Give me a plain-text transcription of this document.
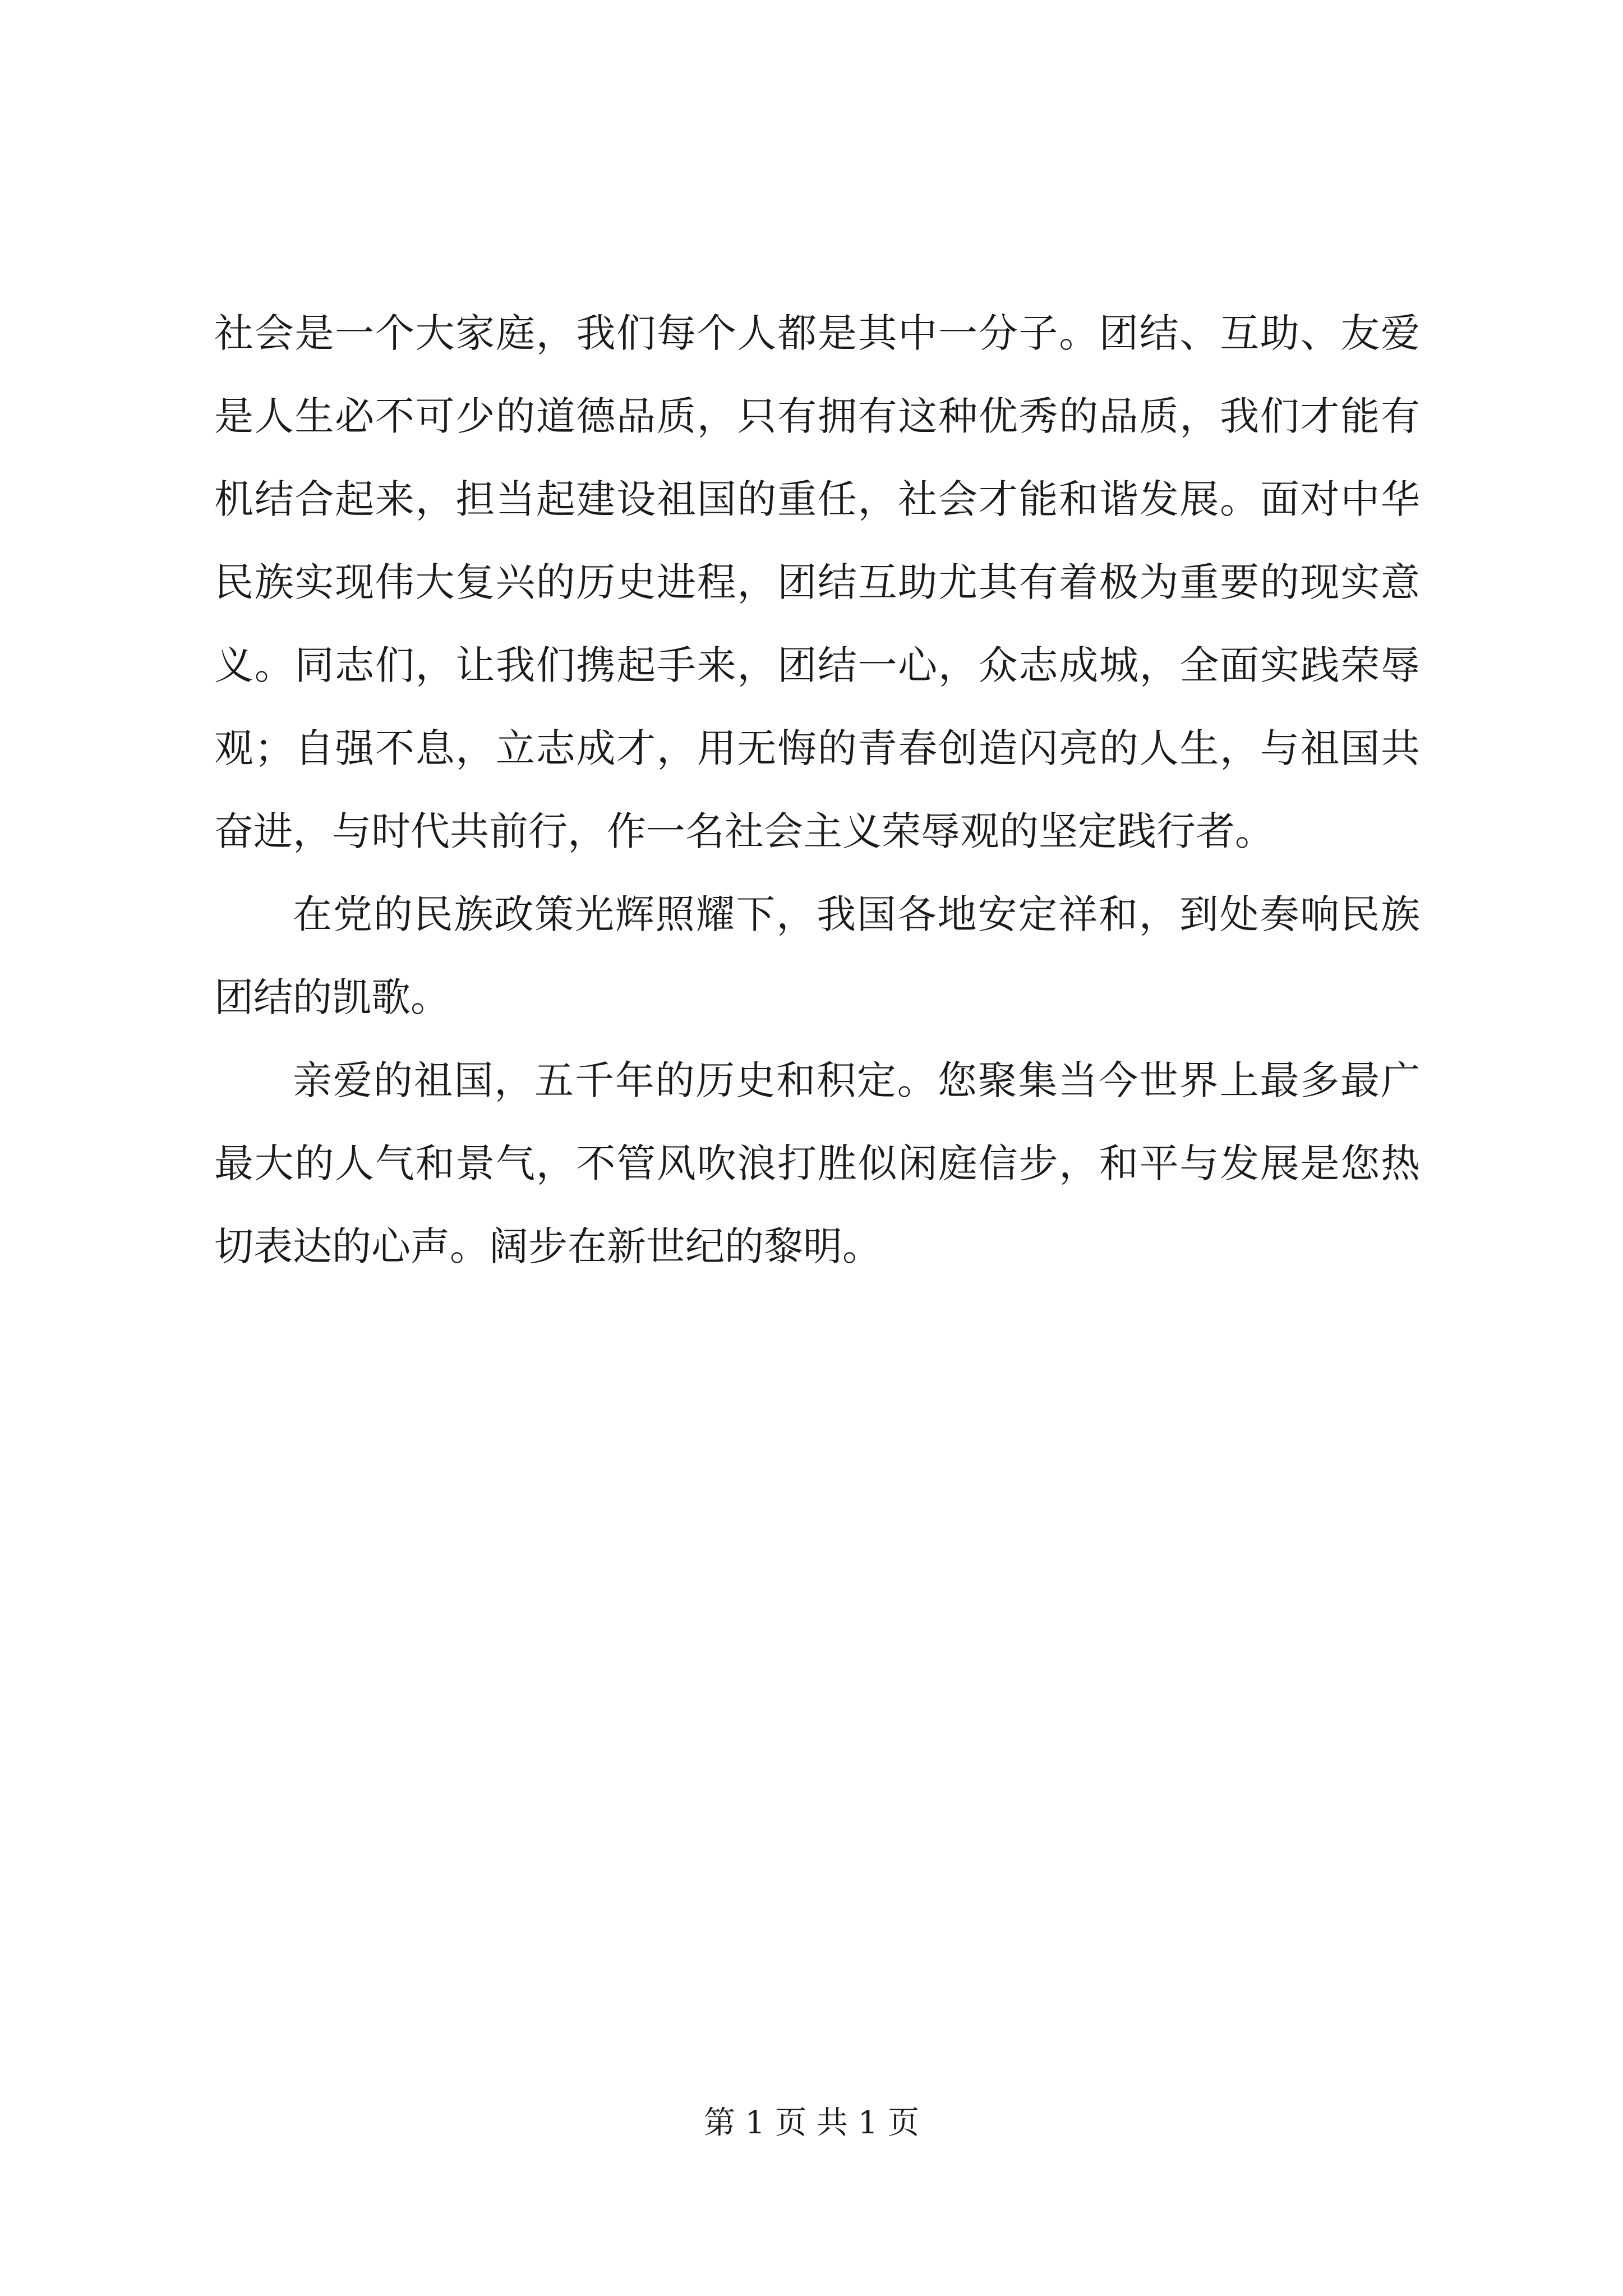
社会是一个大家庭，我们每个人都是其中一分子。团结、互助、友爱是人生必不可少的道德品质，只有拥有这种优秀的品质，我们才能有机结合起来，担当起建设祖国的重任，社会才能和谐发展。面对中华民族实现伟大复兴的历史进程，团结互助尤其有着极为重要的现实意义。同志们，让我们携起手来，团结一心，众志成城，全面实践荣辱观；自强不息，立志成才，用无悔的青春创造闪亮的人生，与祖国共奋进，与时代共前行，作一名社会主义荣辱观的坚定践行者。

在党的民族政策光辉照耀下，我国各地安定祥和，到处奏响民族团结的凯歌。

亲爱的祖国，五千年的历史和积定。您聚集当今世界上最多最广最大的人气和景气，不管风吹浪打胜似闲庭信步，和平与发展是您热切表达的心声。阔步在新世纪的黎明。

第 1 页 共 1 页
